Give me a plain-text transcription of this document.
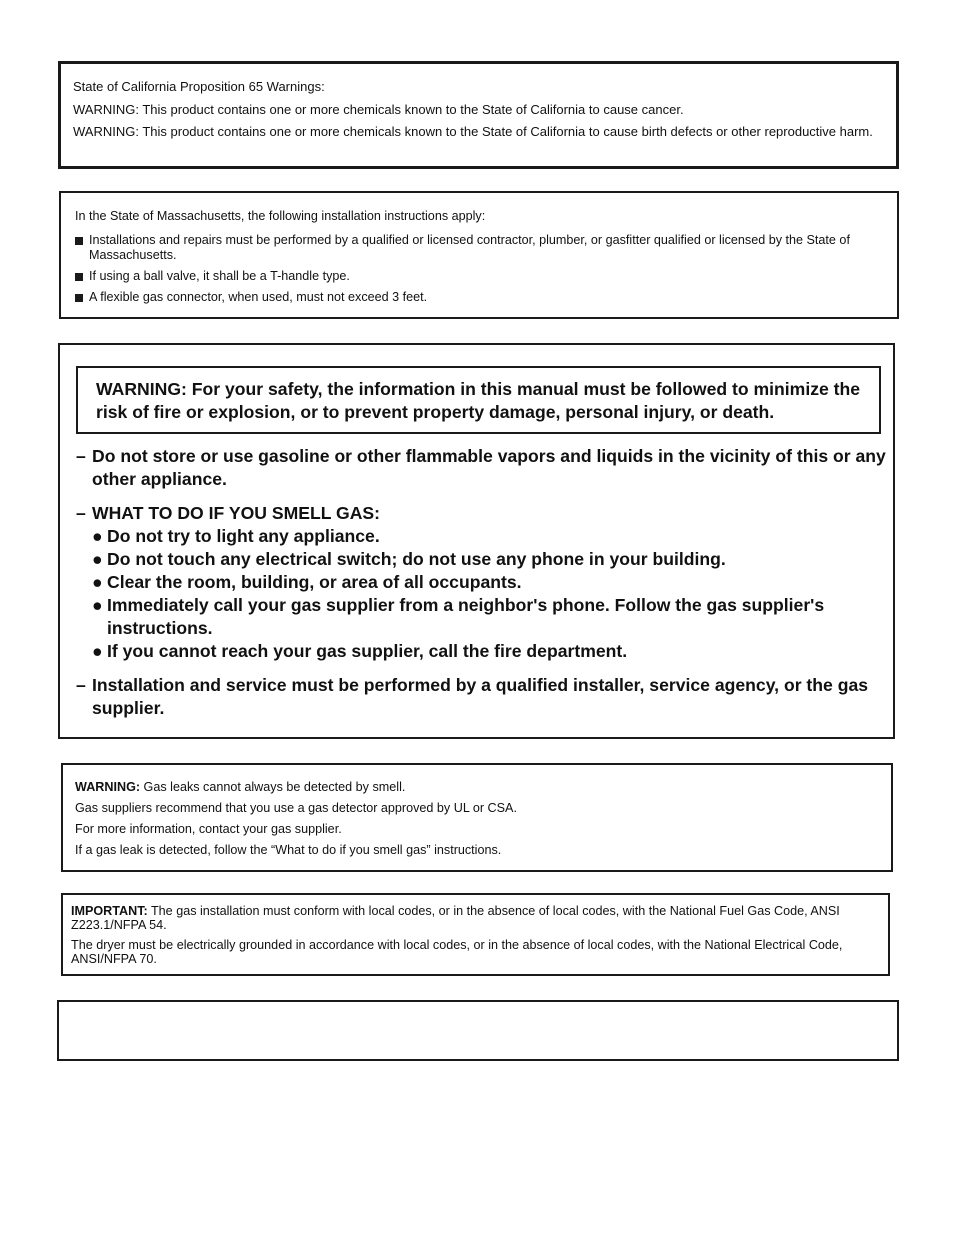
State of California Proposition 65 Warnings:

WARNING: This product contains one or more chemicals known to the State of California to cause cancer.

WARNING: This product contains one or more chemicals known to the State of California to cause birth defects or other reproductive harm.

In the State of Massachusetts, the following installation instructions apply:

Installations and repairs must be performed by a qualified or licensed contractor, plumber, or gasfitter qualified or licensed by the State of Massachusetts.
If using a ball valve, it shall be a T-handle type.
A flexible gas connector, when used, must not exceed 3 feet.
WARNING: For your safety, the information in this manual must be followed to minimize the risk of fire or explosion, or to prevent property damage, personal injury, or death.
– Do not store or use gasoline or other flammable vapors and liquids in the vicinity of this or any other appliance.
– WHAT TO DO IF YOU SMELL GAS:
● Do not try to light any appliance.
● Do not touch any electrical switch; do not use any phone in your building.
● Clear the room, building, or area of all occupants.
● Immediately call your gas supplier from a neighbor's phone. Follow the gas supplier's instructions.
● If you cannot reach your gas supplier, call the fire department.
– Installation and service must be performed by a qualified installer, service agency, or the gas supplier.

WARNING: Gas leaks cannot always be detected by smell.

Gas suppliers recommend that you use a gas detector approved by UL or CSA.

For more information, contact your gas supplier.

If a gas leak is detected, follow the “What to do if you smell gas” instructions.

IMPORTANT: The gas installation must conform with local codes, or in the absence of local codes, with the National Fuel Gas Code, ANSI Z223.1/NFPA 54.

The dryer must be electrically grounded in accordance with local codes, or in the absence of local codes, with the National Electrical Code, ANSI/NFPA 70.
